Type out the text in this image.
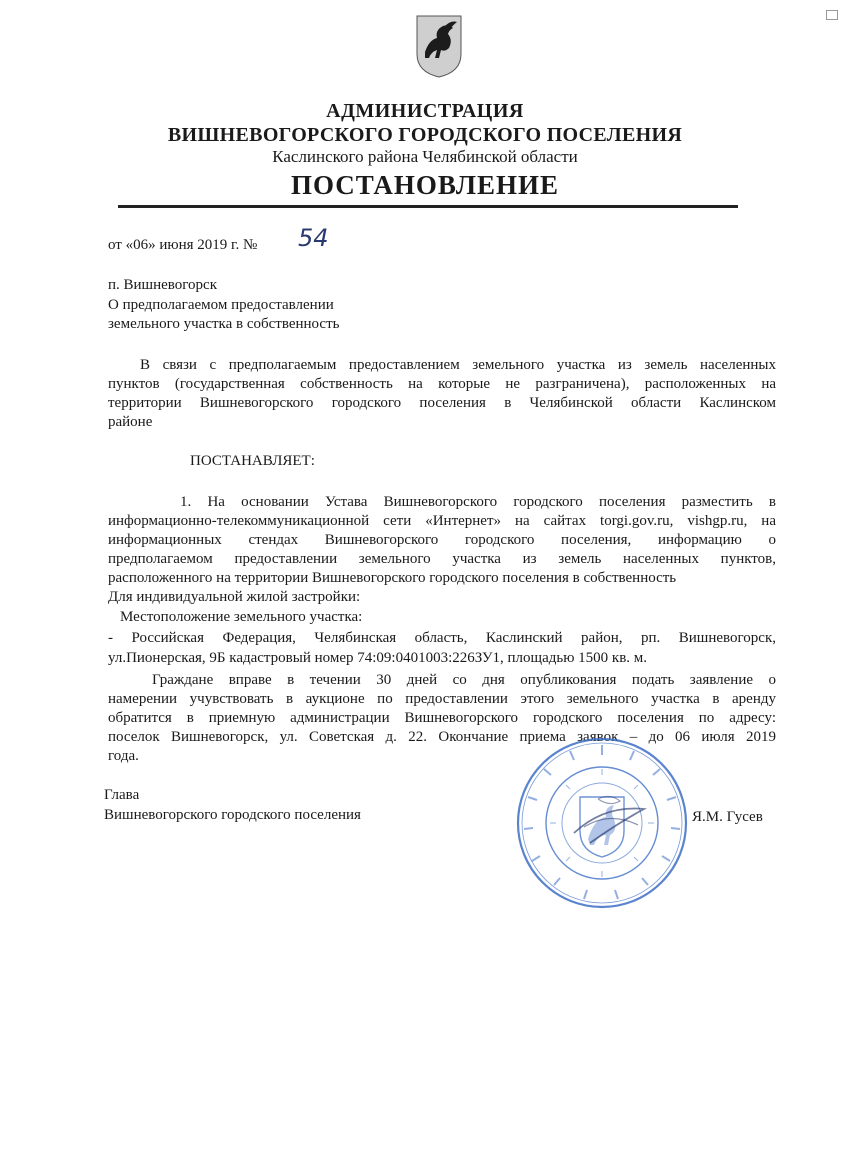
АДМИНИСТРАЦИЯ
ВИШНЕВОГОРСКОГО ГОРОДСКОГО ПОСЕЛЕНИЯ
Каслинского района Челябинской области
ПОСТАНОВЛЕНИЕ
от «06» июня 2019 г. № 54
п. Вишневогорск
О предполагаемом предоставлении
земельного участка в собственность
В связи с предполагаемым предоставлением земельного участка из земель населенных
пунктов (государственная собственность на которые не разграничена), расположенных на
территории Вишневогорского городского поселения в Челябинской области Каслинском
районе
ПОСТАНАВЛЯЕТ:
1. На основании Устава Вишневогорского городского поселения разместить в
информационно-телекоммуникационной сети «Интернет» на сайтах torgi.gov.ru, vishgp.ru, на
информационных стендах Вишневогорского городского поселения, информацию о
предполагаемом предоставлении земельного участка из земель населенных пунктов,
расположенного на территории Вишневогорского городского поселения в собственность
Для индивидуальной жилой застройки:
Местоположение земельного участка:
- Российская Федерация, Челябинская область, Каслинский район, рп. Вишневогорск,
ул.Пионерская, 9Б кадастровый номер 74:09:0401003:226ЗУ1, площадью 1500 кв. м.
Граждане вправе в течении 30 дней со дня опубликования подать заявление о
намерении учувствовать в аукционе по предоставлении этого земельного участка в аренду
обратится в приемную администрации Вишневогорского городского поселения по адресу:
поселок Вишневогорск, ул. Советская д. 22. Окончание приема заявок – до 06 июля 2019
года.
Глава
Вишневогорского городского поселения	Я.М. Гусев
